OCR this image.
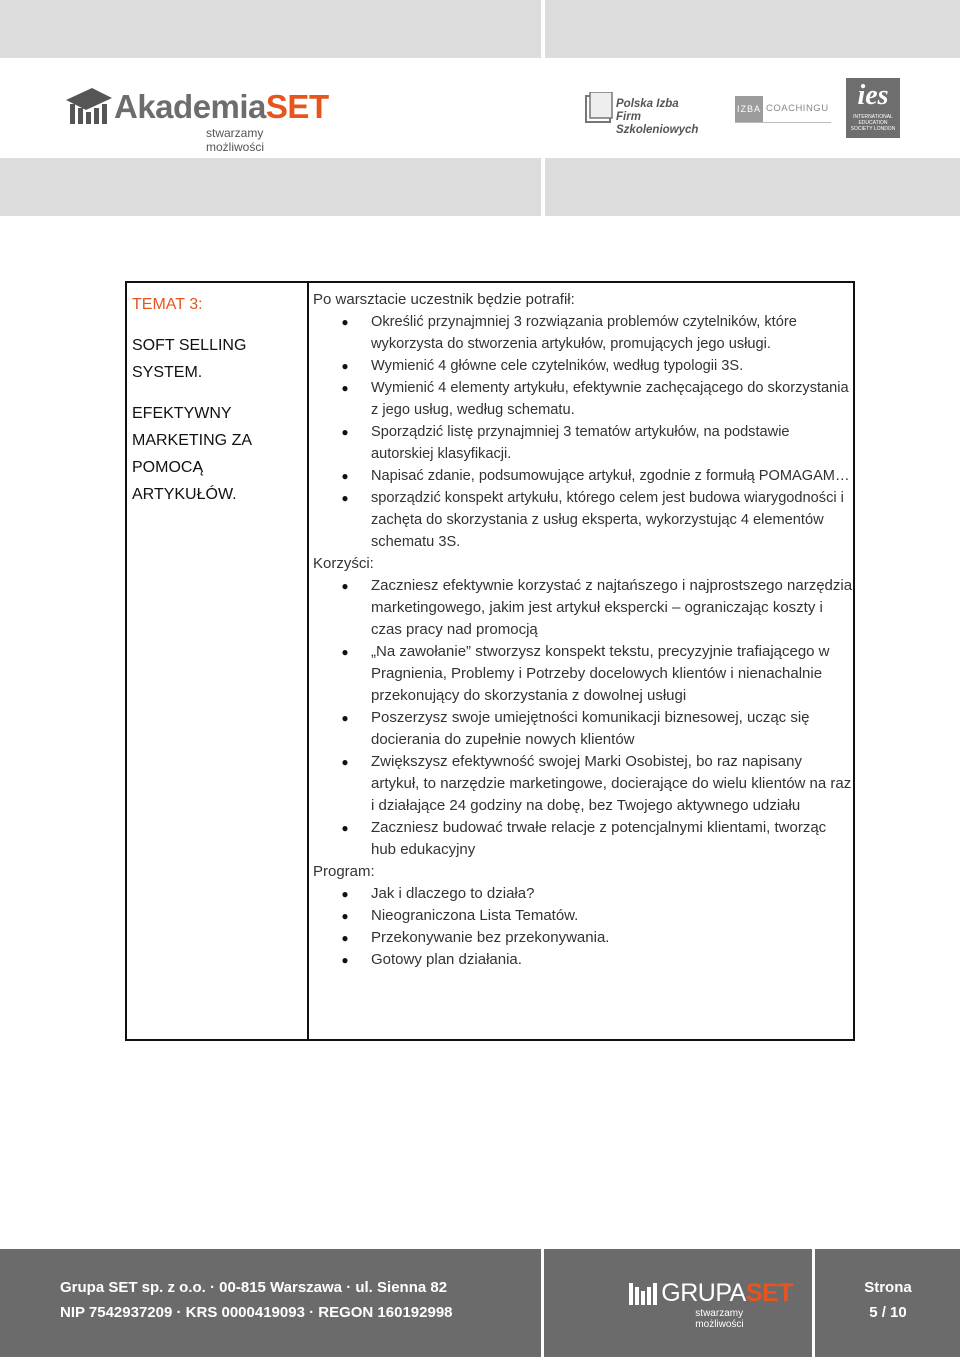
AkademiaSET
stwarzamy możliwości
Polska Izba
Firm Szkoleniowych
IZBA COACHINGU	ies
INTERNATIONAL EDUCATION SOCIETY LONDON
TEMAT 3:
SOFT SELLING SYSTEM.
EFEKTYWNY MARKETING ZA POMOCĄ ARTYKUŁÓW.
Po warsztacie uczestnik będzie potrafił:
● Określić przynajmniej 3 rozwiązania problemów czytelników, które wykorzysta do stworzenia artykułów, promujących jego usługi.
● Wymienić 4 główne cele czytelników, według typologii 3S.
● Wymienić 4 elementy artykułu, efektywnie zachęcającego do skorzystania z jego usług, według schematu.
● Sporządzić listę przynajmniej 3 tematów artykułów, na podstawie autorskiej klasyfikacji.
● Napisać zdanie, podsumowujące artykuł, zgodnie z formułą POMAGAM…
● sporządzić konspekt artykułu, którego celem jest budowa wiarygodności i zachęta do skorzystania z usług eksperta, wykorzystując 4 elementów schematu 3S.
Korzyści:
● Zaczniesz efektywnie korzystać z najtańszego i najprostszego narzędzia marketingowego, jakim jest artykuł ekspercki – ograniczając koszty i czas pracy nad promocją
● „Na zawołanie” stworzysz konspekt tekstu, precyzyjnie trafiającego w Pragnienia, Problemy i Potrzeby docelowych klientów i nienachalnie przekonujący do skorzystania z dowolnej usługi
● Poszerzysz swoje umiejętności komunikacji biznesowej, ucząc się docierania do zupełnie nowych klientów
● Zwiększysz efektywność swojej Marki Osobistej, bo raz napisany artykuł, to narzędzie marketingowe, docierające do wielu klientów na raz i działające 24 godziny na dobę, bez Twojego aktywnego udziału
● Zaczniesz budować trwałe relacje z potencjalnymi klientami, tworząc hub edukacyjny
Program:
● Jak i dlaczego to działa?
● Nieograniczona Lista Tematów.
● Przekonywanie bez przekonywania.
● Gotowy plan działania.
Grupa SET sp. z o.o. · 00-815 Warszawa · ul. Sienna 82
NIP 7542937209 · KRS 0000419093 · REGON 160192998
GRUPASET
stwarzamy możliwości
Strona
5 / 10
